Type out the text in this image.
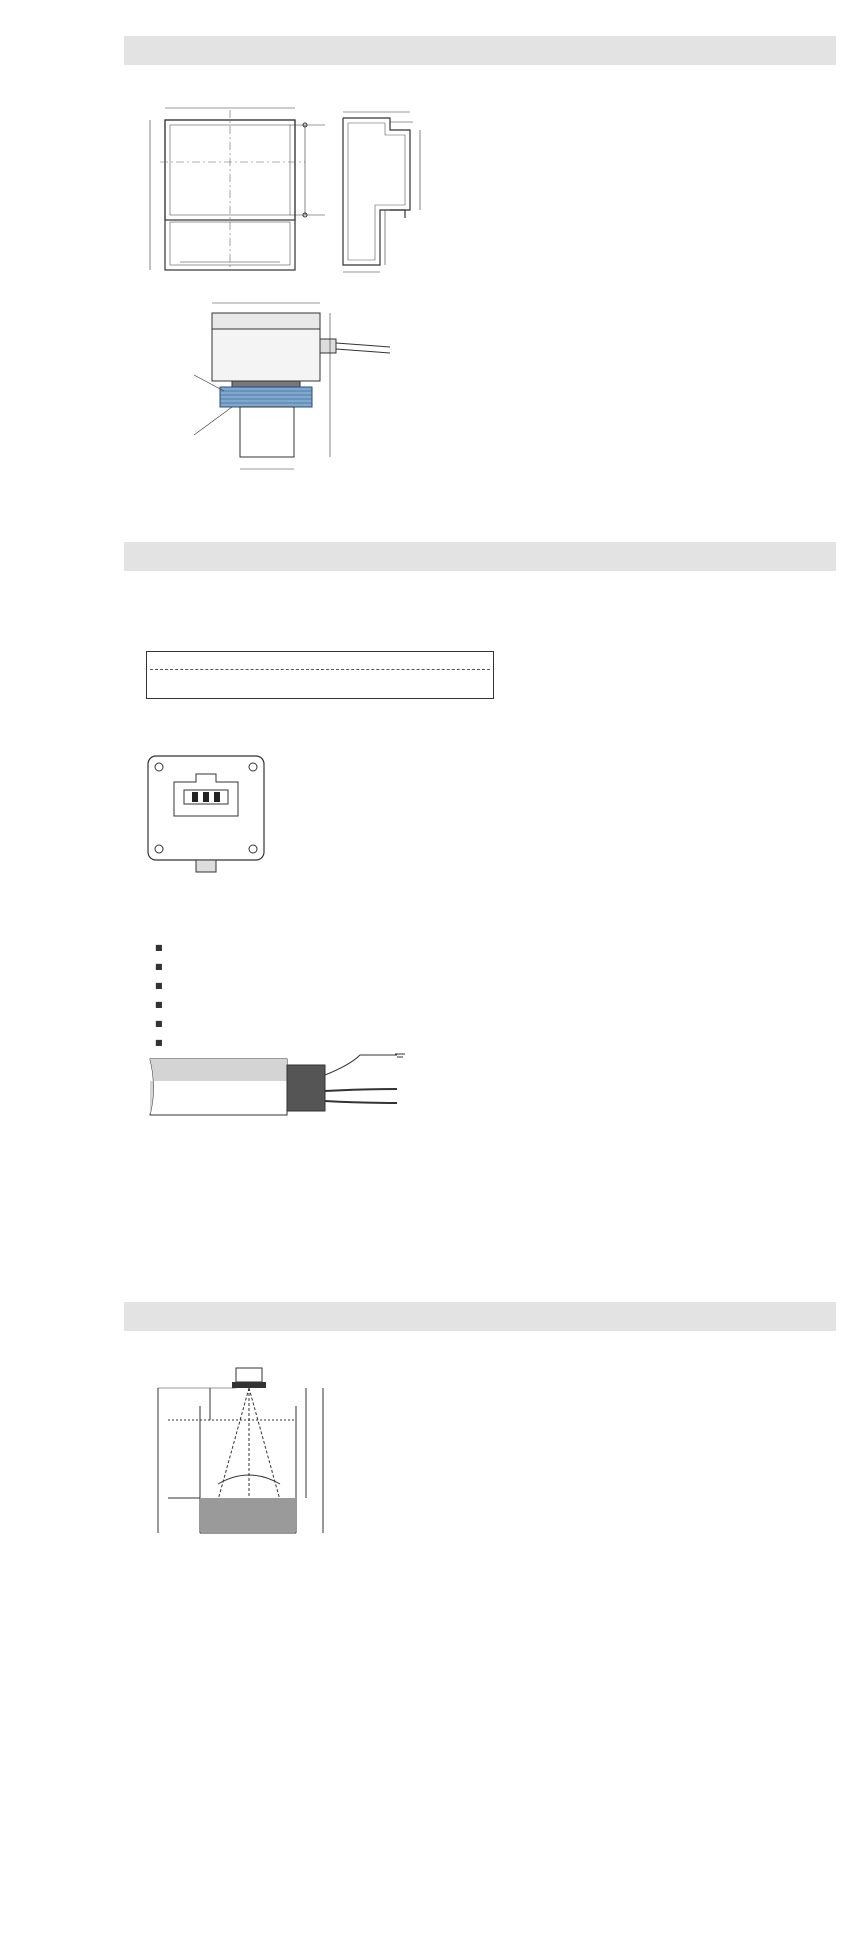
■
■
■
■
■
■
